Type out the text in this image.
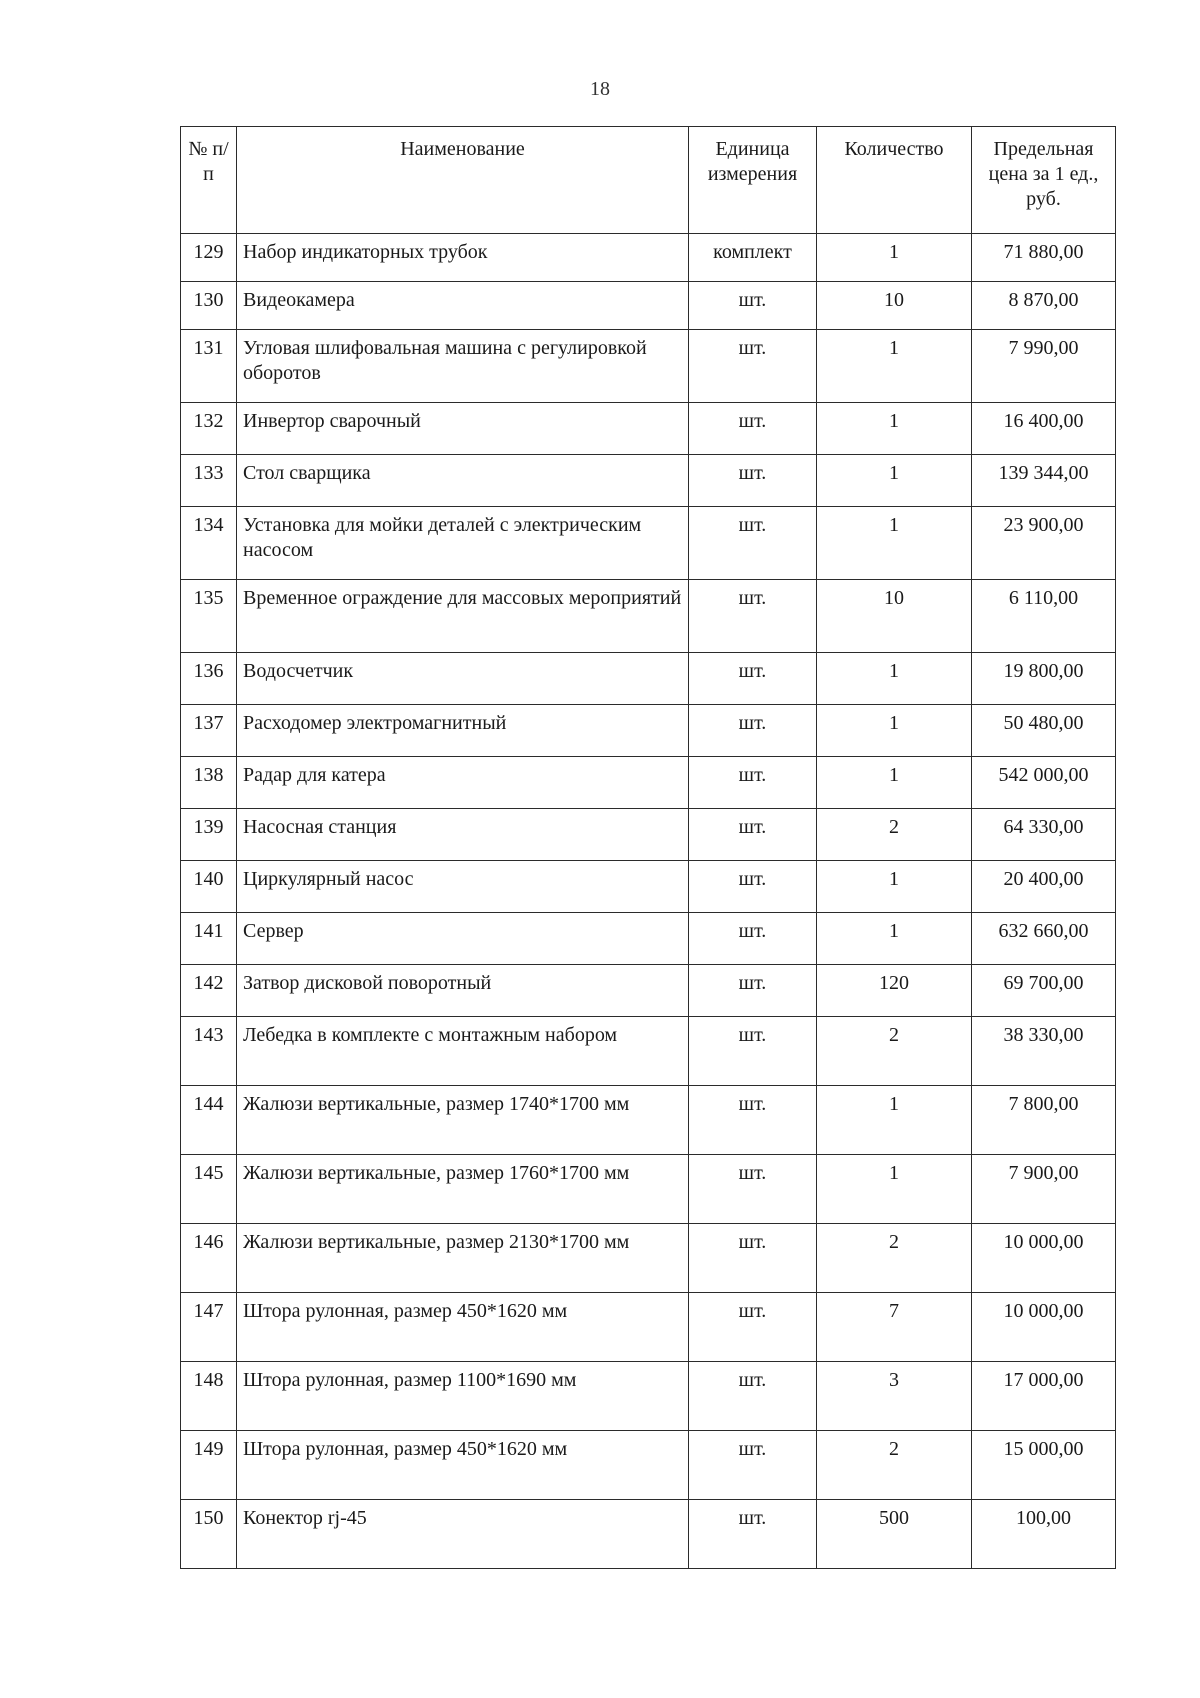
18
№ п/п	Наименование	Единица измерения	Количество	Предельная цена за 1 ед., руб.
129	Набор индикаторных трубок	комплект	1	71 880,00
130	Видеокамера	шт.	10	8 870,00
131	Угловая шлифовальная машина с регулировкой оборотов	шт.	1	7 990,00
132	Инвертор сварочный	шт.	1	16 400,00
133	Стол сварщика	шт.	1	139 344,00
134	Установка для мойки деталей с электрическим насосом	шт.	1	23 900,00
135	Временное ограждение для массовых мероприятий	шт.	10	6 110,00
136	Водосчетчик	шт.	1	19 800,00
137	Расходомер электромагнитный	шт.	1	50 480,00
138	Радар для катера	шт.	1	542 000,00
139	Насосная станция	шт.	2	64 330,00
140	Циркулярный насос	шт.	1	20 400,00
141	Сервер	шт.	1	632 660,00
142	Затвор дисковой поворотный	шт.	120	69 700,00
143	Лебедка в комплекте с монтажным набором	шт.	2	38 330,00
144	Жалюзи вертикальные, размер 1740*1700 мм	шт.	1	7 800,00
145	Жалюзи вертикальные, размер 1760*1700 мм	шт.	1	7 900,00
146	Жалюзи вертикальные, размер 2130*1700 мм	шт.	2	10 000,00
147	Штора рулонная, размер 450*1620 мм	шт.	7	10 000,00
148	Штора рулонная, размер 1100*1690 мм	шт.	3	17 000,00
149	Штора рулонная, размер 450*1620 мм	шт.	2	15 000,00
150	Конектор rj-45	шт.	500	100,00
